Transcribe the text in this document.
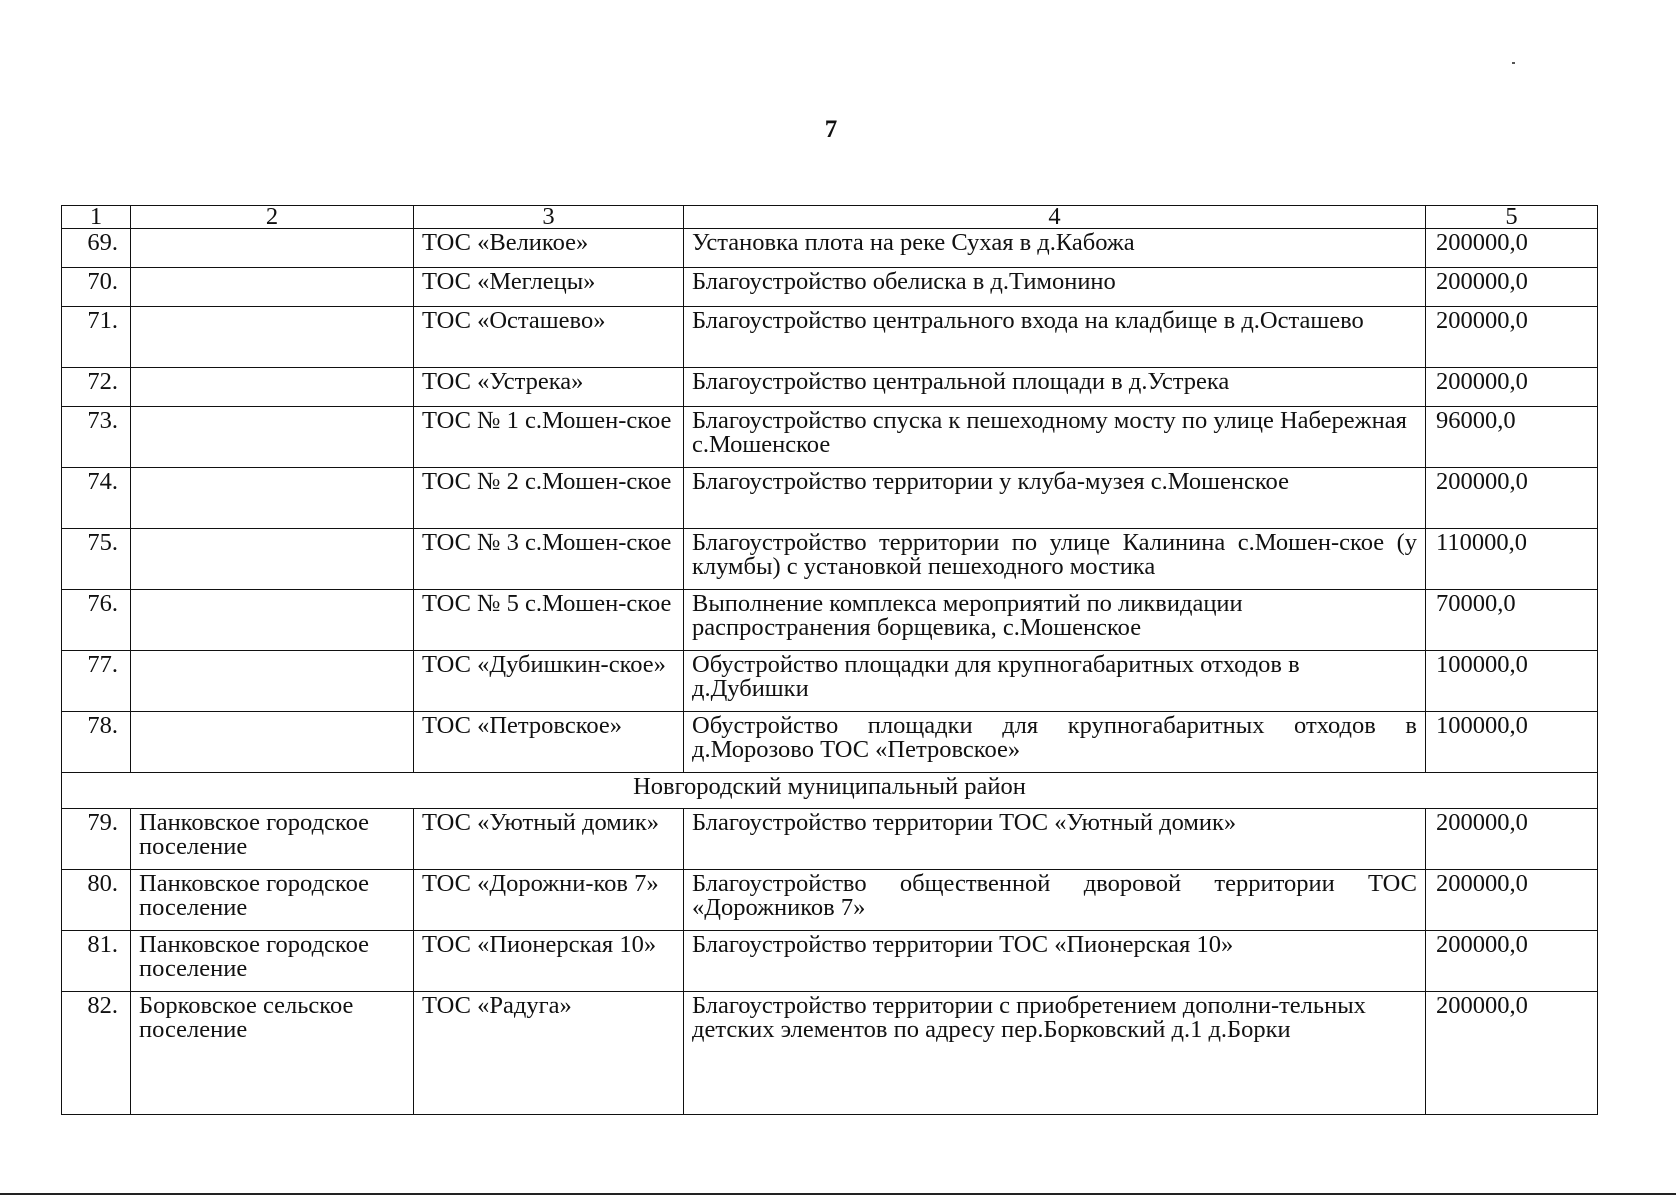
7
1	2	3	4	5
69.		ТОС «Великое»	Установка плота на реке Сухая в д.Кабожа	200000,0
70.		ТОС «Меглецы»	Благоустройство обелиска в д.Тимонино	200000,0
71.		ТОС «Осташево»	Благоустройство центрального входа на кладбище в д.Осташево	200000,0
72.		ТОС «Устрека»	Благоустройство центральной площади в д.Устрека	200000,0
73.		ТОС № 1 с.Мошен-ское	Благоустройство спуска к пешеходному мосту по улице Набережная с.Мошенское	96000,0
74.		ТОС № 2 с.Мошен-ское	Благоустройство территории у клуба-музея с.Мошенское	200000,0
75.		ТОС № 3 с.Мошен-ское	Благоустройство территории по улице Калинина с.Мошен-ское (у клумбы) с установкой пешеходного мостика	110000,0
76.		ТОС № 5 с.Мошен-ское	Выполнение комплекса мероприятий по ликвидации распространения борщевика, с.Мошенское	70000,0
77.		ТОС «Дубишкин-ское»	Обустройство площадки для крупногабаритных отходов в д.Дубишки	100000,0
78.		ТОС «Петровское»	Обустройство площадки для крупногабаритных отходов в д.Морозово ТОС «Петровское»	100000,0
Новгородский муниципальный район				
79.	Панковское городское поселение	ТОС «Уютный домик»	Благоустройство территории ТОС «Уютный домик»	200000,0
80.	Панковское городское поселение	ТОС «Дорожни-ков 7»	Благоустройство общественной дворовой территории ТОС «Дорожников 7»	200000,0
81.	Панковское городское поселение	ТОС «Пионерская 10»	Благоустройство территории ТОС «Пионерская 10»	200000,0
82.	Борковское сельское поселение	ТОС «Радуга»	Благоустройство территории с приобретением дополни-тельных детских элементов по адресу пер.Борковский д.1 д.Борки	200000,0
